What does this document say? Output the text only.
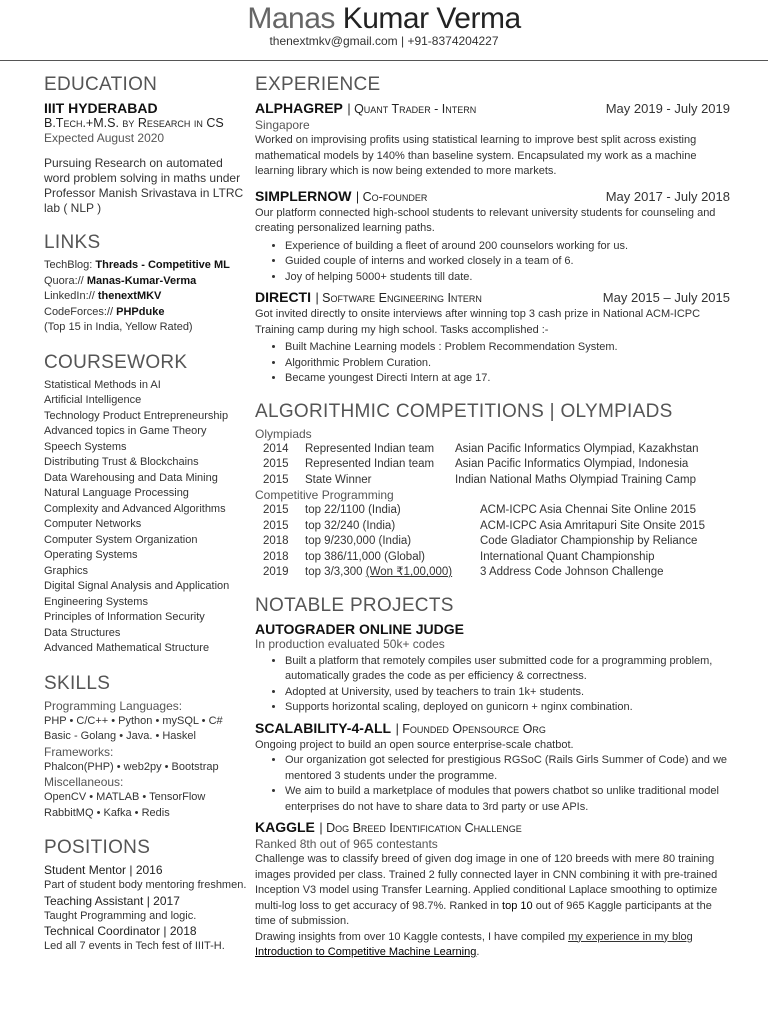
Manas Kumar Verma
thenextmkv@gmail.com | +91-8374204227
EDUCATION
IIIT HYDERABAD
B.Tech.+M.S. by Research in CS
Expected August 2020
Pursuing Research on automated word problem solving in maths under Professor Manish Srivastava in LTRC lab ( NLP )
LINKS
TechBlog: Threads - Competitive ML
Quora:// Manas-Kumar-Verma
LinkedIn:// thenextMKV
CodeForces:// PHPduke
(Top 15 in India, Yellow Rated)
COURSEWORK
Statistical Methods in AI
Artificial Intelligence
Technology Product Entrepreneurship
Advanced topics in Game Theory
Speech Systems
Distributing Trust & Blockchains
Data Warehousing and Data Mining
Natural Language Processing
Complexity and Advanced Algorithms
Computer Networks
Computer System Organization
Operating Systems
Graphics
Digital Signal Analysis and Application
Engineering Systems
Principles of Information Security
Data Structures
Advanced Mathematical Structure
SKILLS
Programming Languages:
PHP • C/C++ • Python • mySQL • C#
Basic - Golang • Java. • Haskel
Frameworks:
Phalcon(PHP) • web2py • Bootstrap
Miscellaneous:
OpenCV • MATLAB • TensorFlow
RabbitMQ • Kafka • Redis
POSITIONS
Student Mentor | 2016
Part of student body mentoring freshmen.
Teaching Assistant | 2017
Taught Programming and logic.
Technical Coordinator | 2018
Led all 7 events in Tech fest of IIIT-H.
EXPERIENCE
ALPHAGREP | Quant Trader - Intern	May 2019 - July 2019
Singapore
Worked on improvising profits using statistical learning to improve best split across existing mathematical models by 140% than baseline system. Encapsulated my work as a machine learning library which is now being extended to more markets.
SIMPLERNOW | Co-founder	May 2017 - July 2018
Our platform connected high-school students to relevant university students for counseling and creating personalized learning paths.
• Experience of building a fleet of around 200 counselors working for us.
• Guided couple of interns and worked closely in a team of 6.
• Joy of helping 5000+ students till date.
DIRECTI | Software Engineering Intern	May 2015 – July 2015
Got invited directly to onsite interviews after winning top 3 cash prize in National ACM-ICPC Training camp during my high school. Tasks accomplished :-
• Built Machine Learning models : Problem Recommendation System.
• Algorithmic Problem Curation.
• Became youngest Directi Intern at age 17.
ALGORITHMIC COMPETITIONS | OLYMPIADS
Olympiads
2014	Represented Indian team	Asian Pacific Informatics Olympiad, Kazakhstan
2015	Represented Indian team	Asian Pacific Informatics Olympiad, Indonesia
2015	State Winner	Indian National Maths Olympiad Training Camp
Competitive Programming
2015	top 22/1100 (India)	ACM-ICPC Asia Chennai Site Online 2015
2015	top 32/240 (India)	ACM-ICPC Asia Amritapuri Site Onsite 2015
2018	top 9/230,000 (India)	Code Gladiator Championship by Reliance
2018	top 386/11,000 (Global)	International Quant Championship
2019	top 3/3,300 (Won ₹1,00,000)	3 Address Code Johnson Challenge
NOTABLE PROJECTS
AUTOGRADER ONLINE JUDGE
In production evaluated 50k+ codes
• Built a platform that remotely compiles user submitted code for a programming problem, automatically grades the code as per efficiency & correctness.
• Adopted at University, used by teachers to train 1k+ students.
• Supports horizontal scaling, deployed on gunicorn + nginx combination.
SCALABILITY-4-ALL | Founded Opensource Org
Ongoing project to build an open source enterprise-scale chatbot.
• Our organization got selected for prestigious RGSoC (Rails Girls Summer of Code) and we mentored 3 students under the programme.
• We aim to build a marketplace of modules that powers chatbot so unlike traditional model enterprises do not have to share data to 3rd party or use APIs.
KAGGLE | Dog Breed Identification Challenge
Ranked 8th out of 965 contestants
Challenge was to classify breed of given dog image in one of 120 breeds with mere 80 training images provided per class. Trained 2 fully connected layer in CNN combining it with pre-trained Inception V3 model using Transfer Learning. Applied conditional Laplace smoothing to optimize multi-log loss to get accuracy of 98.7%. Ranked in top 10 out of 965 Kaggle participants at the time of submission.
Drawing insights from over 10 Kaggle contests, I have compiled my experience in my blog Introduction to Competitive Machine Learning.
